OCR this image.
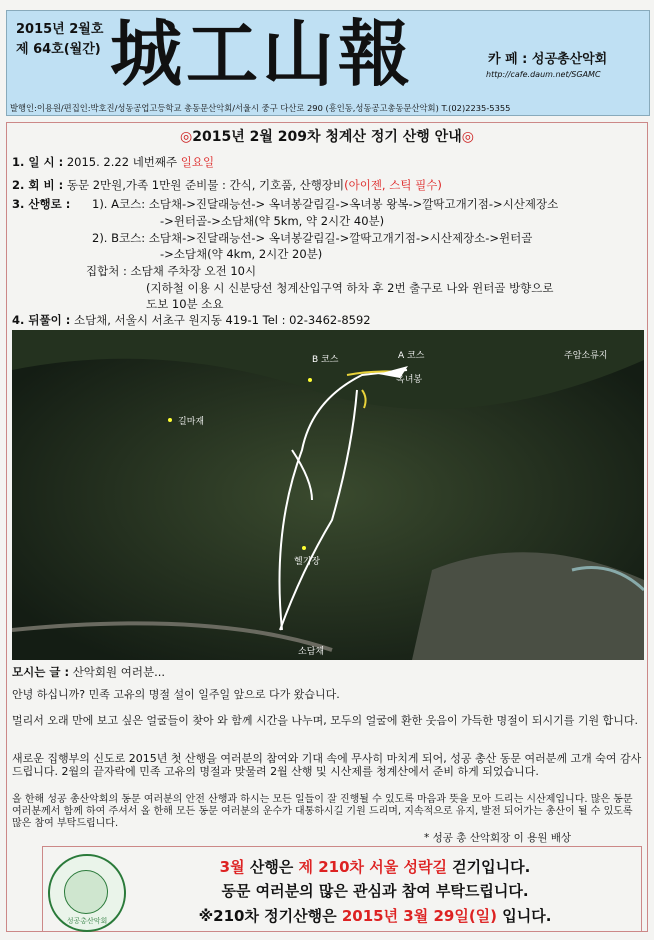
2015년 2월호
제 64호(월간) 城工山報	카 페 : 성공총산악회
http://cafe.daum.net/SGAMC
발행인:이용원/편집인:박호진/성동공업고등학교 총동문산악회/서울시 중구 다산로 290 (흥인동,성동공고총동문산악회) T.(02)2235-5355
◎2015년 2월 209차 청계산 정기 산행 안내◎
1. 일 시 : 2015. 2.22 네번째주 일요일
2. 회 비 : 동문 2만원,가족 1만원 준비물 : 간식, 기호품, 산행장비(아이젠, 스틱 필수)
3. 산행로 : 1). A코스: 소담채->진달래능선-> 옥녀봉갈림길->옥녀봉 왕복->깔딱고개기점->시산제장소
->윈터골->소담채(약 5km, 약 2시간 40분)
2). B코스: 소담채->진달래능선-> 옥녀봉갈림길->깔딱고개기점->시산제장소->윈터골
->소담채(약 4km, 2시간 20분)
집합처 : 소담채 주차장 오전 10시
(지하철 이용 시 신분당선 청계산입구역 하차 후 2번 출구로 나와 윈터골 방향으로
도보 10분 소요
4. 뒤풀이 : 소담채, 서울시 서초구 원지동 419-1 Tel : 02-3462-8592
B 코스	A 코스
옥녀봉
길마재
헬기장
주암소류지
소담채
모시는 글 : 산악회원 여러분...
안녕 하십니까? 민족 고유의 명절 설이 일주일 앞으로 다가 왔습니다.
멀리서 오래 만에 보고 싶은 얼굴들이 찾아 와 함께 시간을 나누며, 모두의 얼굴에 환한 웃음이 가득한 명절이 되시기를 기원 합니다.
새로운 집행부의 신도로 2015년 첫 산행을 여러분의 참여와 기대 속에 무사히 마치게 되어, 성공 총산 동문 여러분께 고개 숙여 감사 드립니다. 2월의 끝자락에 민족 고유의 명절과 맞물려 2월 산행 및 시산제를 청계산에서 준비 하게 되었습니다.
올 한해 성공 총산악회의 동문 여러분의 안전 산행과 하시는 모든 일들이 잘 진행될 수 있도록 마음과 뜻을 모아 드리는 시산제입니다. 많은 동문 여러분께서 함께 하여 주셔서 올 한해 모든 동문 여러분의 운수가 대통하시길 기원 드리며, 지속적으로 유지, 발전 되어가는 총산이 될 수 있도록 많은 참여 부탁드립니다.
* 성공 총 산악회장 이 용원 배상
성공총산악회
3월 산행은 제 210차 서울 성락길 걷기입니다.
동문 여러분의 많은 관심과 참여 부탁드립니다.
※210차 정기산행은 2015년 3월 29일(일) 입니다.
